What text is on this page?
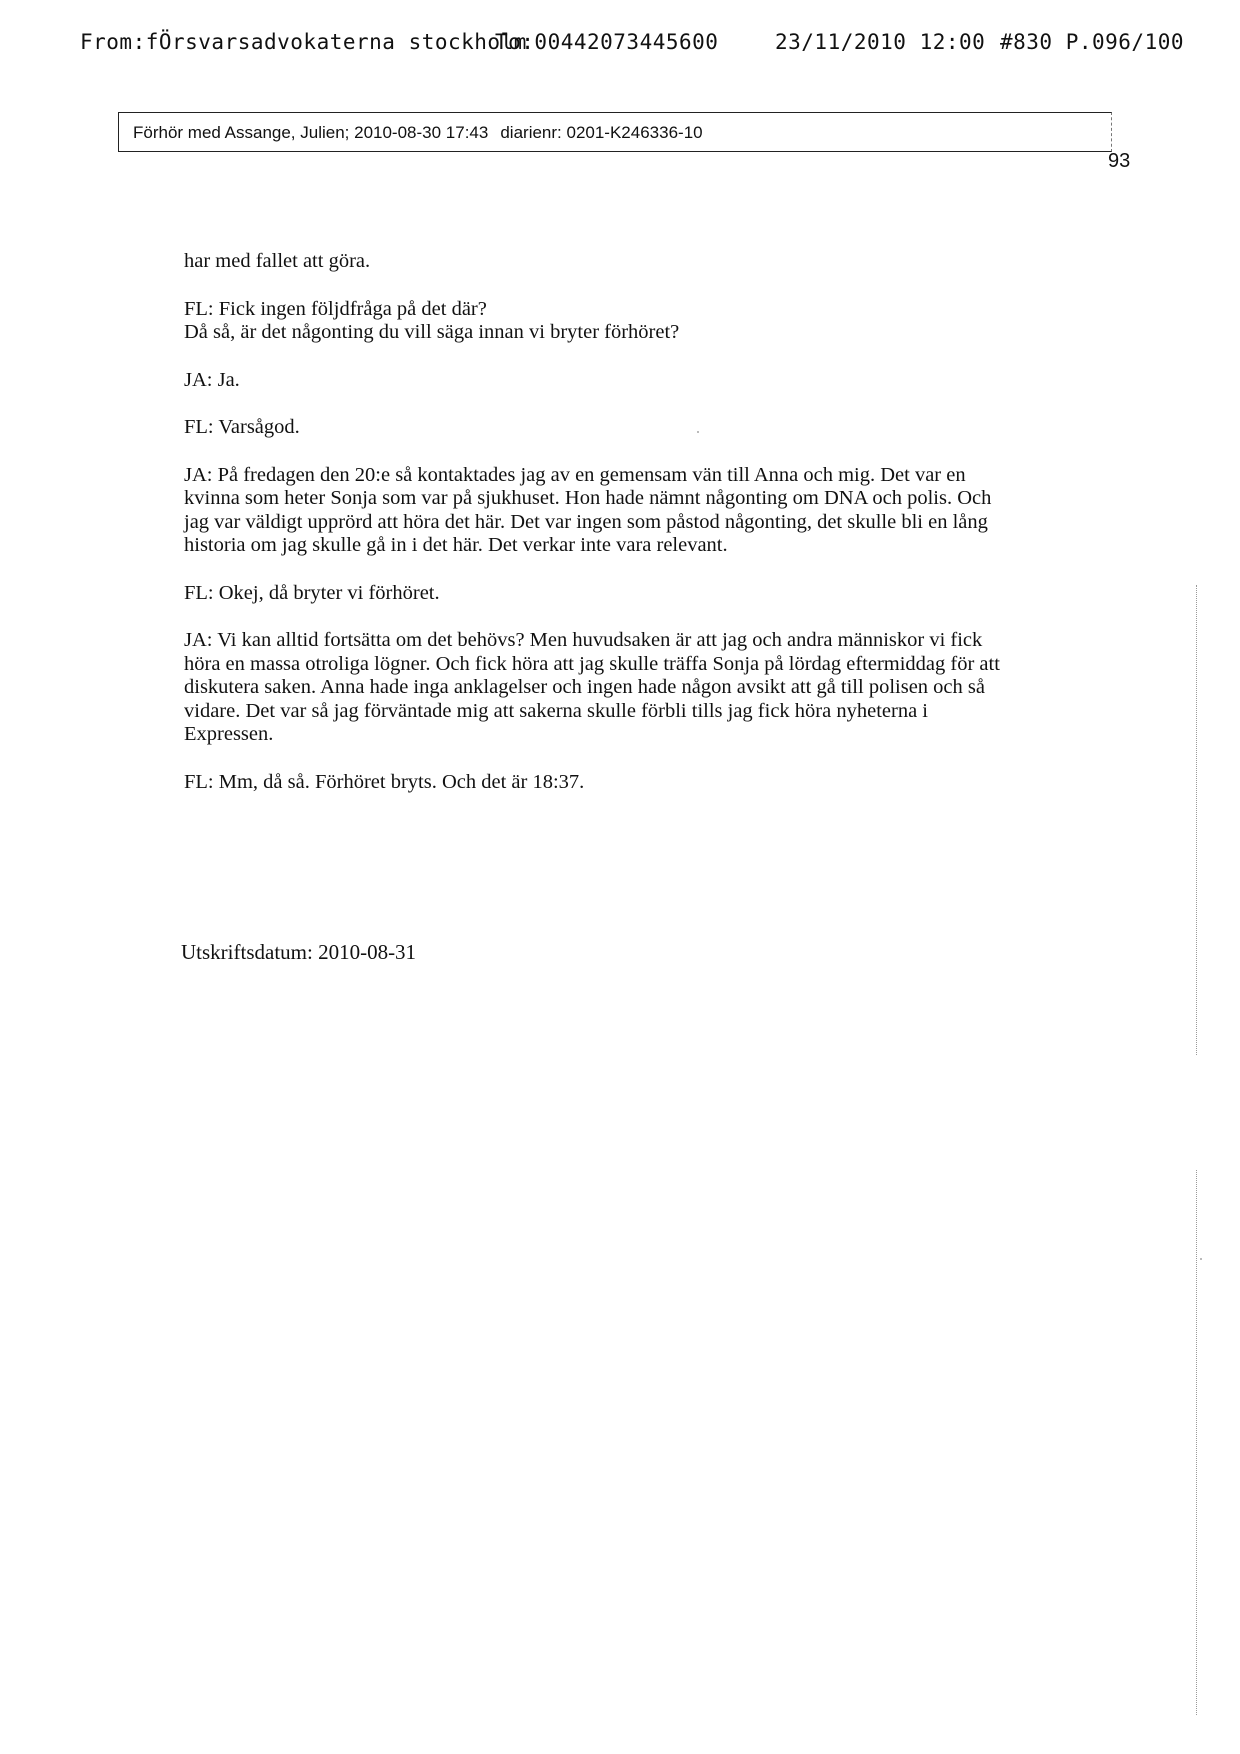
From:fÖrsvarsadvokaterna stockholm
To:00442073445600	23/11/2010 12:00 #830 P.096/100
Förhör med Assange, Julien; 2010-08-30 17:43 diarienr: 0201-K246336-10
93

har med fallet att göra.

FL: Fick ingen följdfråga på det där?
Då så, är det någonting du vill säga innan vi bryter förhöret?

JA: Ja.

FL: Varsågod.

JA: På fredagen den 20:e så kontaktades jag av en gemensam vän till Anna och mig. Det var en kvinna som heter Sonja som var på sjukhuset. Hon hade nämnt någonting om DNA och polis. Och jag var väldigt upprörd att höra det här. Det var ingen som påstod någonting, det skulle bli en lång historia om jag skulle gå in i det här. Det verkar inte vara relevant.

FL: Okej, då bryter vi förhöret.

JA: Vi kan alltid fortsätta om det behövs? Men huvudsaken är att jag och andra människor vi fick höra en massa otroliga lögner. Och fick höra att jag skulle träffa Sonja på lördag eftermiddag för att diskutera saken. Anna hade inga anklagelser och ingen hade någon avsikt att gå till polisen och så vidare. Det var så jag förväntade mig att sakerna skulle förbli tills jag fick höra nyheterna i Expressen.

FL: Mm, då så. Förhöret bryts. Och det är 18:37.

Utskriftsdatum: 2010-08-31
